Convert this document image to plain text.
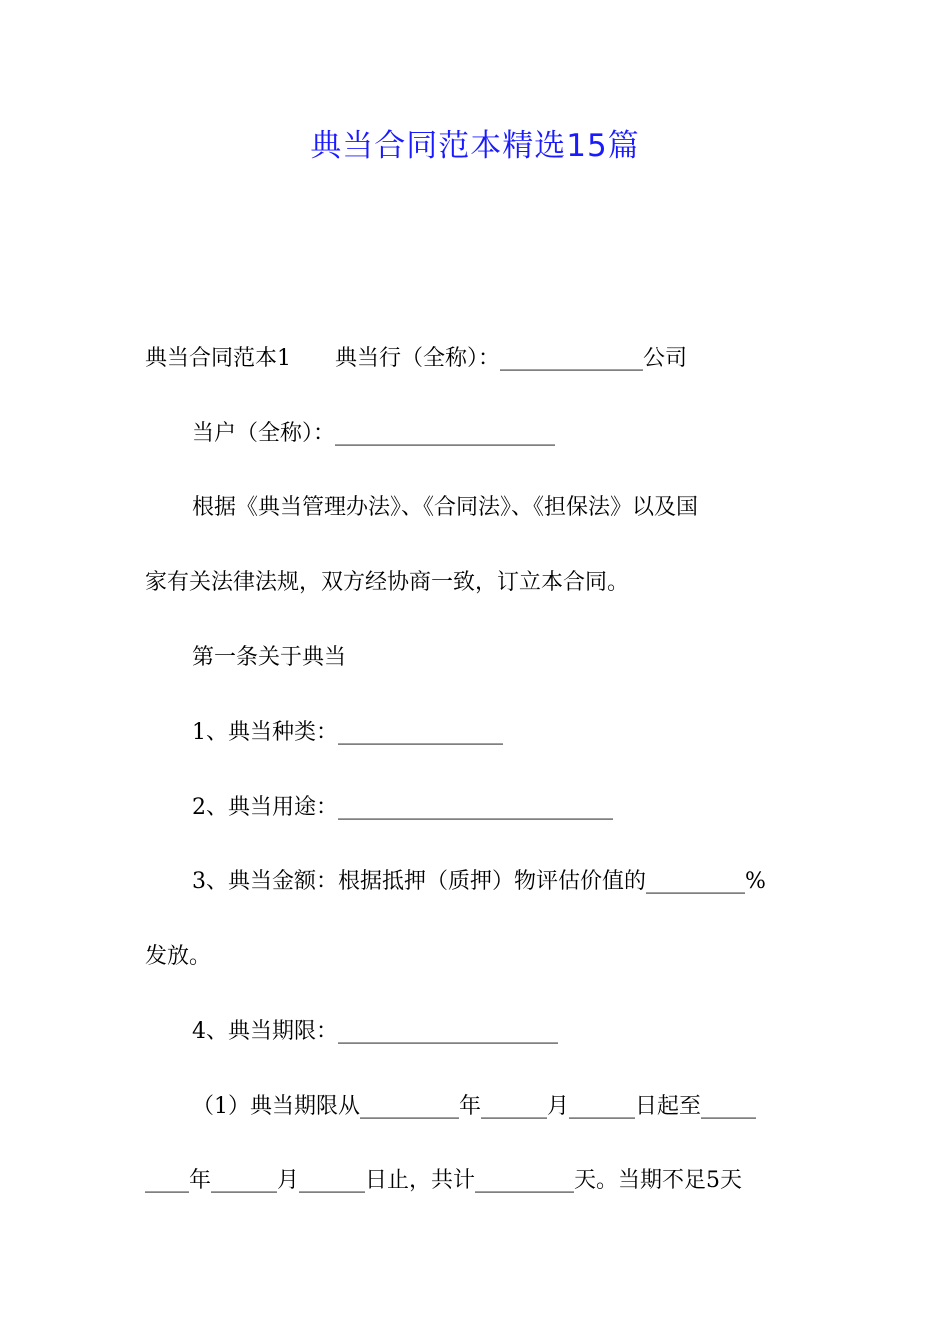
典当合同范本精选15篇
典当合同范本1　　典当行（全称）：_____________公司
当户（全称）：____________________
根据《典当管理办法》、《合同法》、《担保法》以及国
家有关法律法规，双方经协商一致，订立本合同。
第一条关于典当
1、典当种类：_______________
2、典当用途：_________________________
3、典当金额：根据抵押（质押）物评估价值的_________%
发放。
4、典当期限：____________________
（1）典当期限从_________年______月______日起至_____
____年______月______日止，共计_________天。当期不足5天
